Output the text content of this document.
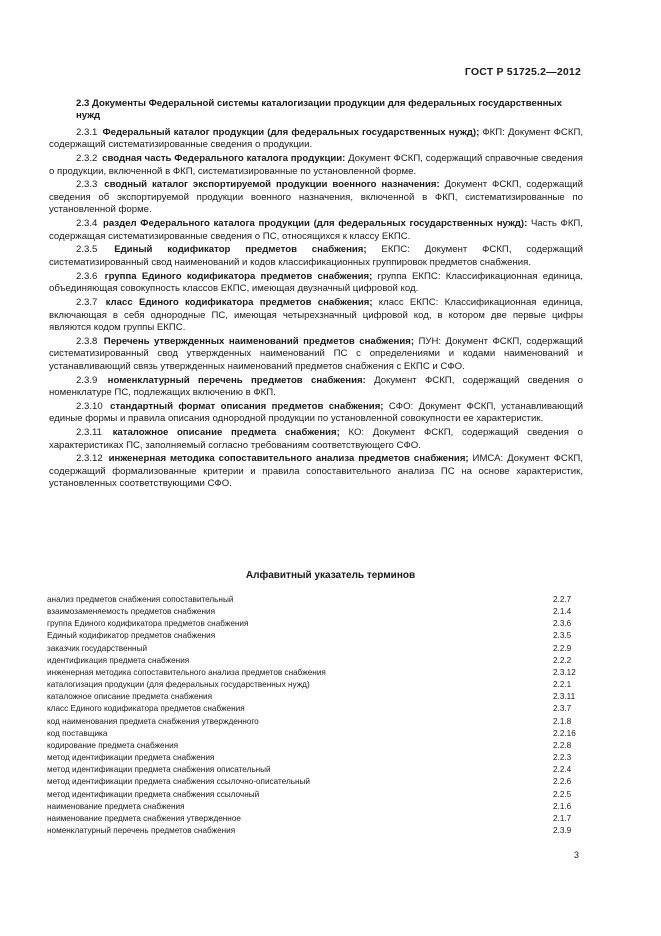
ГОСТ Р 51725.2—2012
2.3 Документы Федеральной системы каталогизации продукции для федеральных государственных нужд
2.3.1 Федеральный каталог продукции (для федеральных государственных нужд); ФКП: Документ ФСКП, содержащий систематизированные сведения о продукции.
2.3.2 сводная часть Федерального каталога продукции: Документ ФСКП, содержащий справочные сведения о продукции, включенной в ФКП, систематизированные по установленной форме.
2.3.3 сводный каталог экспортируемой продукции военного назначения: Документ ФСКП, содержащий сведения об экспортируемой продукции военного назначения, включенной в ФКП, систематизированные по установленной форме.
2.3.4 раздел Федерального каталога продукции (для федеральных государственных нужд): Часть ФКП, содержащая систематизированные сведения о ПС, относящихся к классу ЕКПС.
2.3.5 Единый кодификатор предметов снабжения; ЕКПС: Документ ФСКП, содержащий систематизированный свод наименований и кодов классификационных группировок предметов снабжения.
2.3.6 группа Единого кодификатора предметов снабжения; группа ЕКПС: Классификационная единица, объединяющая совокупность классов ЕКПС, имеющая двузначный цифровой код.
2.3.7 класс Единого кодификатора предметов снабжения; класс ЕКПС: Классификационная единица, включающая в себя однородные ПС, имеющая четырехзначный цифровой код, в котором две первые цифры являются кодом группы ЕКПС.
2.3.8 Перечень утвержденных наименований предметов снабжения; ПУН: Документ ФСКП, содержащий систематизированный свод утвержденных наименований ПС с определениями и кодами наименований и устанавливающий связь утвержденных наименований предметов снабжения с ЕКПС и СФО.
2.3.9 номенклатурный перечень предметов снабжения: Документ ФСКП, содержащий сведения о номенклатуре ПС, подлежащих включению в ФКП.
2.3.10 стандартный формат описания предметов снабжения; СФО: Документ ФСКП, устанавливающий единые формы и правила описания однородной продукции по установленной совокупности ее характеристик.
2.3.11 каталожное описание предмета снабжения; КО: Документ ФСКП, содержащий сведения о характеристиках ПС, заполняемый согласно требованиям соответствующего СФО.
2.3.12 инженерная методика сопоставительного анализа предметов снабжения; ИМСА: Документ ФСКП, содержащий формализованные критерии и правила сопоставительного анализа ПС на основе характеристик, установленных соответствующими СФО.
Алфавитный указатель терминов
анализ предметов снабжения сопоставительный	2.2.7
взаимозаменяемость предметов снабжения	2.1.4
группа Единого кодификатора предметов снабжения	2.3.6
Единый кодификатор предметов снабжения	2.3.5
заказчик государственный	2.2.9
идентификация предмета снабжения	2.2.2
инженерная методика сопоставительного анализа предметов снабжения	2.3.12
каталогизация продукции (для федеральных государственных нужд)	2.2.1
каталожное описание предмета снабжения	2.3.11
класс Единого кодификатора предметов снабжения	2.3.7
код наименования предмета снабжения утвержденного	2.1.8
код поставщика	2.2.16
кодирование предмета снабжения	2.2.8
метод идентификации предмета снабжения	2.2.3
метод идентификации предмета снабжения описательный	2.2.4
метод идентификации предмета снабжения ссылочно-описательный	2.2.6
метод идентификации предмета снабжения ссылочный	2.2.5
наименование предмета снабжения	2.1.6
наименование предмета снабжения утвержденное	2.1.7
номенклатурный перечень предметов снабжения	2.3.9
3
